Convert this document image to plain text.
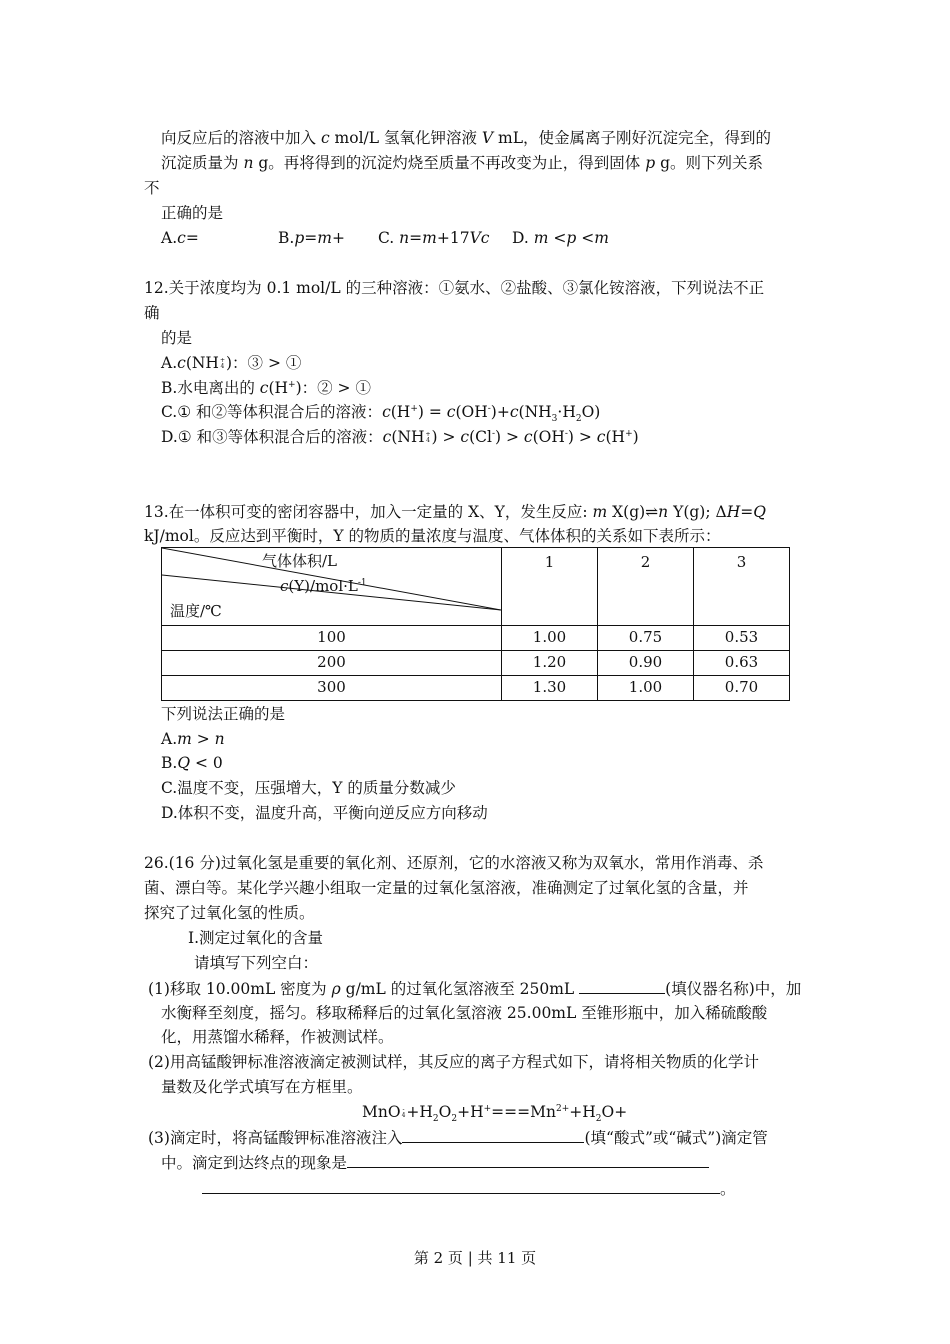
向反应后的溶液中加入 c mol/L 氢氧化钾溶液 V mL，使金属离子刚好沉淀完全，得到的
沉淀质量为 n g。再将得到的沉淀灼烧至质量不再改变为止，得到固体 p g。则下列关系
不
正确的是
A.c=	B.p=m+ C. n=m+17Vc D. m <p <m
12.关于浓度均为 0.1 mol/L 的三种溶液：①氨水、②盐酸、③氯化铵溶液，下列说法不正
确
的是
A.c(NH+
4 )：③ > ①
B.水电离出的 c(H+)：② > ①
C.① 和②等体积混合后的溶液：$c(H^+) = c(OH^-)+c(NH_3\cdot H_2O)$
D.① 和③等体积混合后的溶液：c(NH+
4 ) > c(Cl-) > c(OH-) > c(H+)
13.在一体积可变的密闭容器中，加入一定量的 X、Y，发生反应: m X(g)⇌n Y(g); ΔH=Q
kJ/mol。反应达到平衡时，Y 的物质的量浓度与温度、气体体积的关系如下表所示：
气体体积/L
$c(Y)/mol\cdot L^{-1}$
温度/℃	1	2	3
100	1.00	0.75	0.53
200	1.20	0.90	0.63
300	1.30	1.00	0.70
下列说法正确的是
A.m > n
B.Q < 0
C.温度不变，压强增大，Y 的质量分数减少
D.体积不变，温度升高，平衡向逆反应方向移动
26.(16 分)过氧化氢是重要的氧化剂、还原剂，它的水溶液又称为双氧水，常用作消毒、杀
菌、漂白等。某化学兴趣小组取一定量的过氧化氢溶液，准确测定了过氧化氢的含量，并
探究了过氧化氢的性质。
Ⅰ.测定过氧化的含量
请填写下列空白：
(1)移取 10.00mL 密度为 ρ g/mL 的过氧化氢溶液至 250mL	(填仪器名称)中，加
水衡释至刻度，摇匀。移取稀释后的过氧化氢溶液 25.00mL 至锥形瓶中，加入稀硫酸酸
化，用蒸馏水稀释，作被测试样。
(2)用高锰酸钾标准溶液滴定被测试样，其反应的离子方程式如下，请将相关物质的化学计
量数及化学式填写在方框里。
MnO -
$4+H_2O_2+H^+===Mn^{2+}+H_2O+$
(3)滴定时，将高锰酸钾标准溶液注入	(填“酸式”或“碱式”)滴定管
中。滴定到达终点的现象是
。
第 2 页 | 共 11 页
